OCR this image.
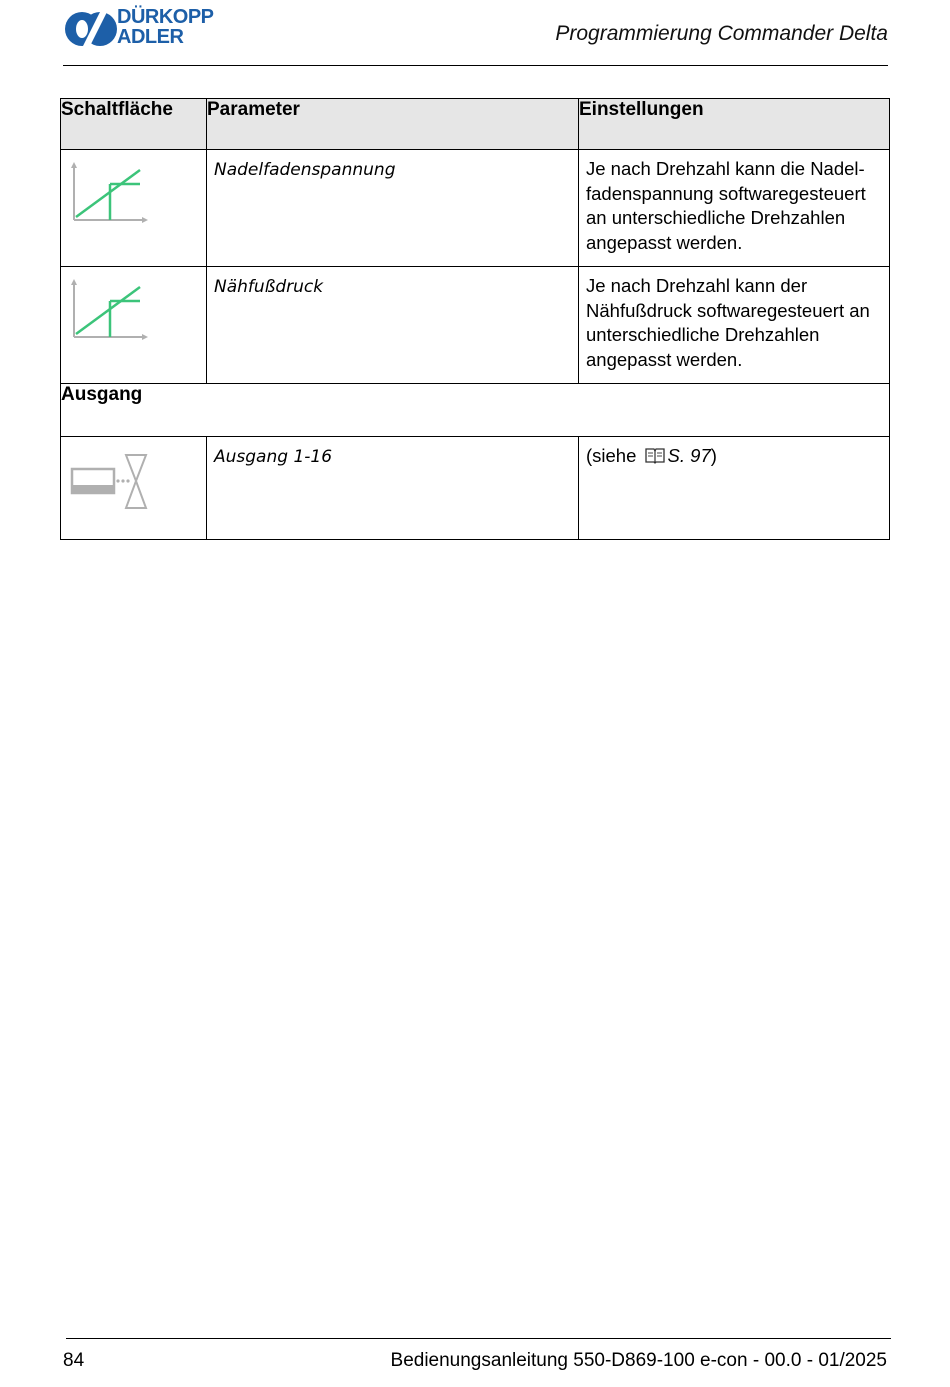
DÜRKOPP
ADLER	Programmierung Commander Delta
Schaltfläche	Parameter	Einstellungen

	Nadelfadenspannung	Je nach Drehzahl kann die Nadel-fadenspannung softwaregesteuert an unterschiedliche Drehzahlen angepasst werden.

	Nähfußdruck	Je nach Drehzahl kann der Nähfußdruck softwaregesteuert an unterschiedliche Drehzahlen angepasst werden.
Ausgang		

	Ausgang 1-16	(siehe S. 97)
84	Bedienungsanleitung 550-D869-100 e-con - 00.0 - 01/2025
